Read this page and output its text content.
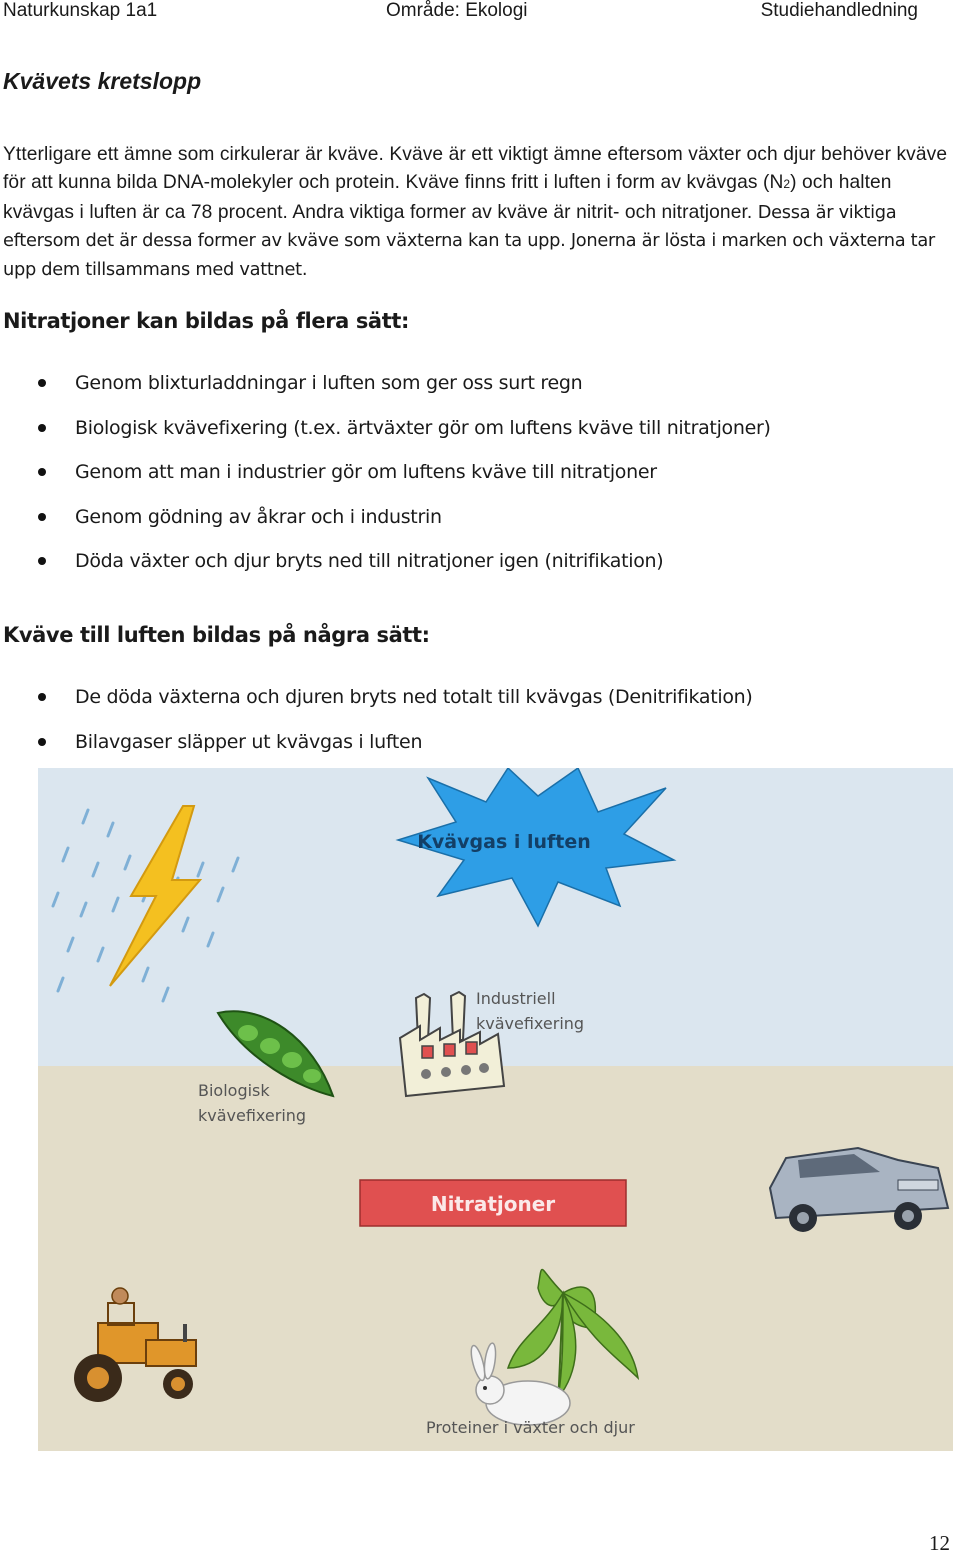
Naturkunskap 1a1	Område: Ekologi	Studiehandledning
Kvävets kretslopp

Ytterligare ett ämne som cirkulerar är kväve. Kväve är ett viktigt ämne eftersom växter och djur behöver kväve för att kunna bilda DNA-molekyler och protein. Kväve finns fritt i luften i form av kvävgas (N2) och halten kvävgas i luften är ca 78 procent. Andra viktiga former av kväve är nitrit- och nitratjoner. Dessa är viktiga eftersom det är dessa former av kväve som växterna kan ta upp. Jonerna är lösta i marken och växterna tar upp dem tillsammans med vattnet.

Nitratjoner kan bildas på flera sätt:
Genom blixturladdningar i luften som ger oss surt regn
Biologisk kvävefixering (t.ex. ärtväxter gör om luftens kväve till nitratjoner)
Genom att man i industrier gör om luftens kväve till nitratjoner
Genom gödning av åkrar och i industrin
Döda växter och djur bryts ned till nitratjoner igen (nitrifikation)
Kväve till luften bildas på några sätt:
De döda växterna och djuren bryts ned totalt till kvävgas (Denitrifikation)
Bilavgaser släpper ut kvävgas i luften
Kvävgas i luften
Industriell
kvävefixering
Biologisk
kvävefixering
Nitratjoner
Proteiner i växter och djur
12
